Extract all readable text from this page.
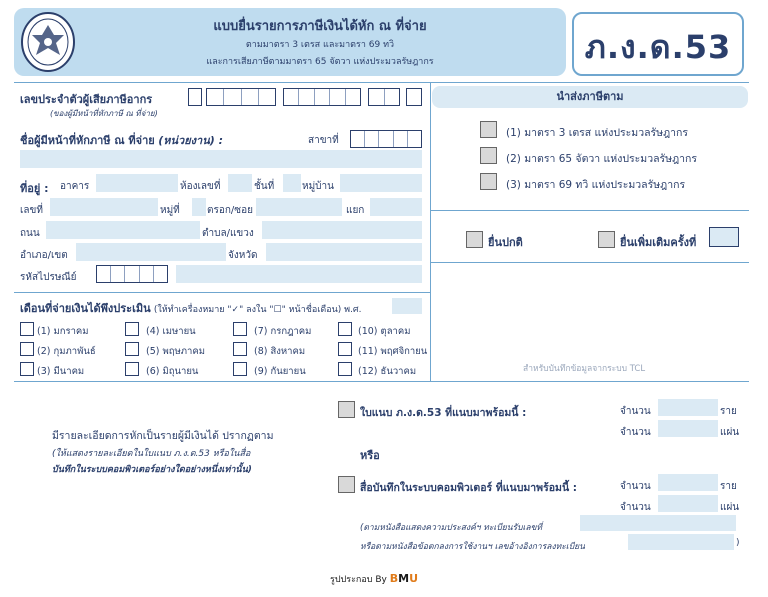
แบบยื่นรายการภาษีเงินได้หัก ณ ที่จ่าย
ตามมาตรา 3 เตรส และมาตรา 69 ทวิ
และการเสียภาษีตามมาตรา 65 จัตวา แห่งประมวลรัษฎากร	ภ.ง.ด.53
เลขประจำตัวผู้เสียภาษีอากร
(ของผู้มีหน้าที่หักภาษี ณ ที่จ่าย)
ชื่อผู้มีหน้าที่หักภาษี ณ ที่จ่าย (หน่วยงาน) :	สาขาที่
ที่อยู่ : อาคาร	ห้องเลขที่	ชั้นที่	หมู่บ้าน
เลขที่	หมู่ที่	ตรอก/ซอย	แยก
ถนน	ตำบล/แขวง
อำเภอ/เขต	จังหวัด
รหัสไปรษณีย์
นำส่งภาษีตาม
(1) มาตรา 3 เตรส แห่งประมวลรัษฎากร
(2) มาตรา 65 จัตวา แห่งประมวลรัษฎากร
(3) มาตรา 69 ทวิ แห่งประมวลรัษฎากร
ยื่นปกติ	ยื่นเพิ่มเติมครั้งที่
สำหรับบันทึกข้อมูลจากระบบ TCL
เดือนที่จ่ายเงินได้พึงประเมิน (ให้ทำเครื่องหมาย "✓" ลงใน "☐" หน้าชื่อเดือน) พ.ศ.
(1) มกราคม	(4) เมษายน	(7) กรกฎาคม	(10) ตุลาคม
(2) กุมภาพันธ์	(5) พฤษภาคม	(8) สิงหาคม	(11) พฤศจิกายน
(3) มีนาคม	(6) มิถุนายน	(9) กันยายน	(12) ธันวาคม
มีรายละเอียดการหักเป็นรายผู้มีเงินได้ ปรากฏตาม
(ให้แสดงรายละเอียดในใบแนบ ภ.ง.ด.53 หรือในสื่อ
บันทึกในระบบคอมพิวเตอร์อย่างใดอย่างหนึ่งเท่านั้น)
ใบแนบ ภ.ง.ด.53 ที่แนบมาพร้อมนี้ :	จำนวน	ราย
จำนวน	แผ่น
หรือ
สื่อบันทึกในระบบคอมพิวเตอร์ ที่แนบมาพร้อมนี้ :	จำนวน	ราย
จำนวน	แผ่น
(ตามหนังสือแสดงความประสงค์ฯ ทะเบียนรับเลขที่
หรือตามหนังสือข้อตกลงการใช้งานฯ เลขอ้างอิงการลงทะเบียน	)
รูปประกอบ By BMU
